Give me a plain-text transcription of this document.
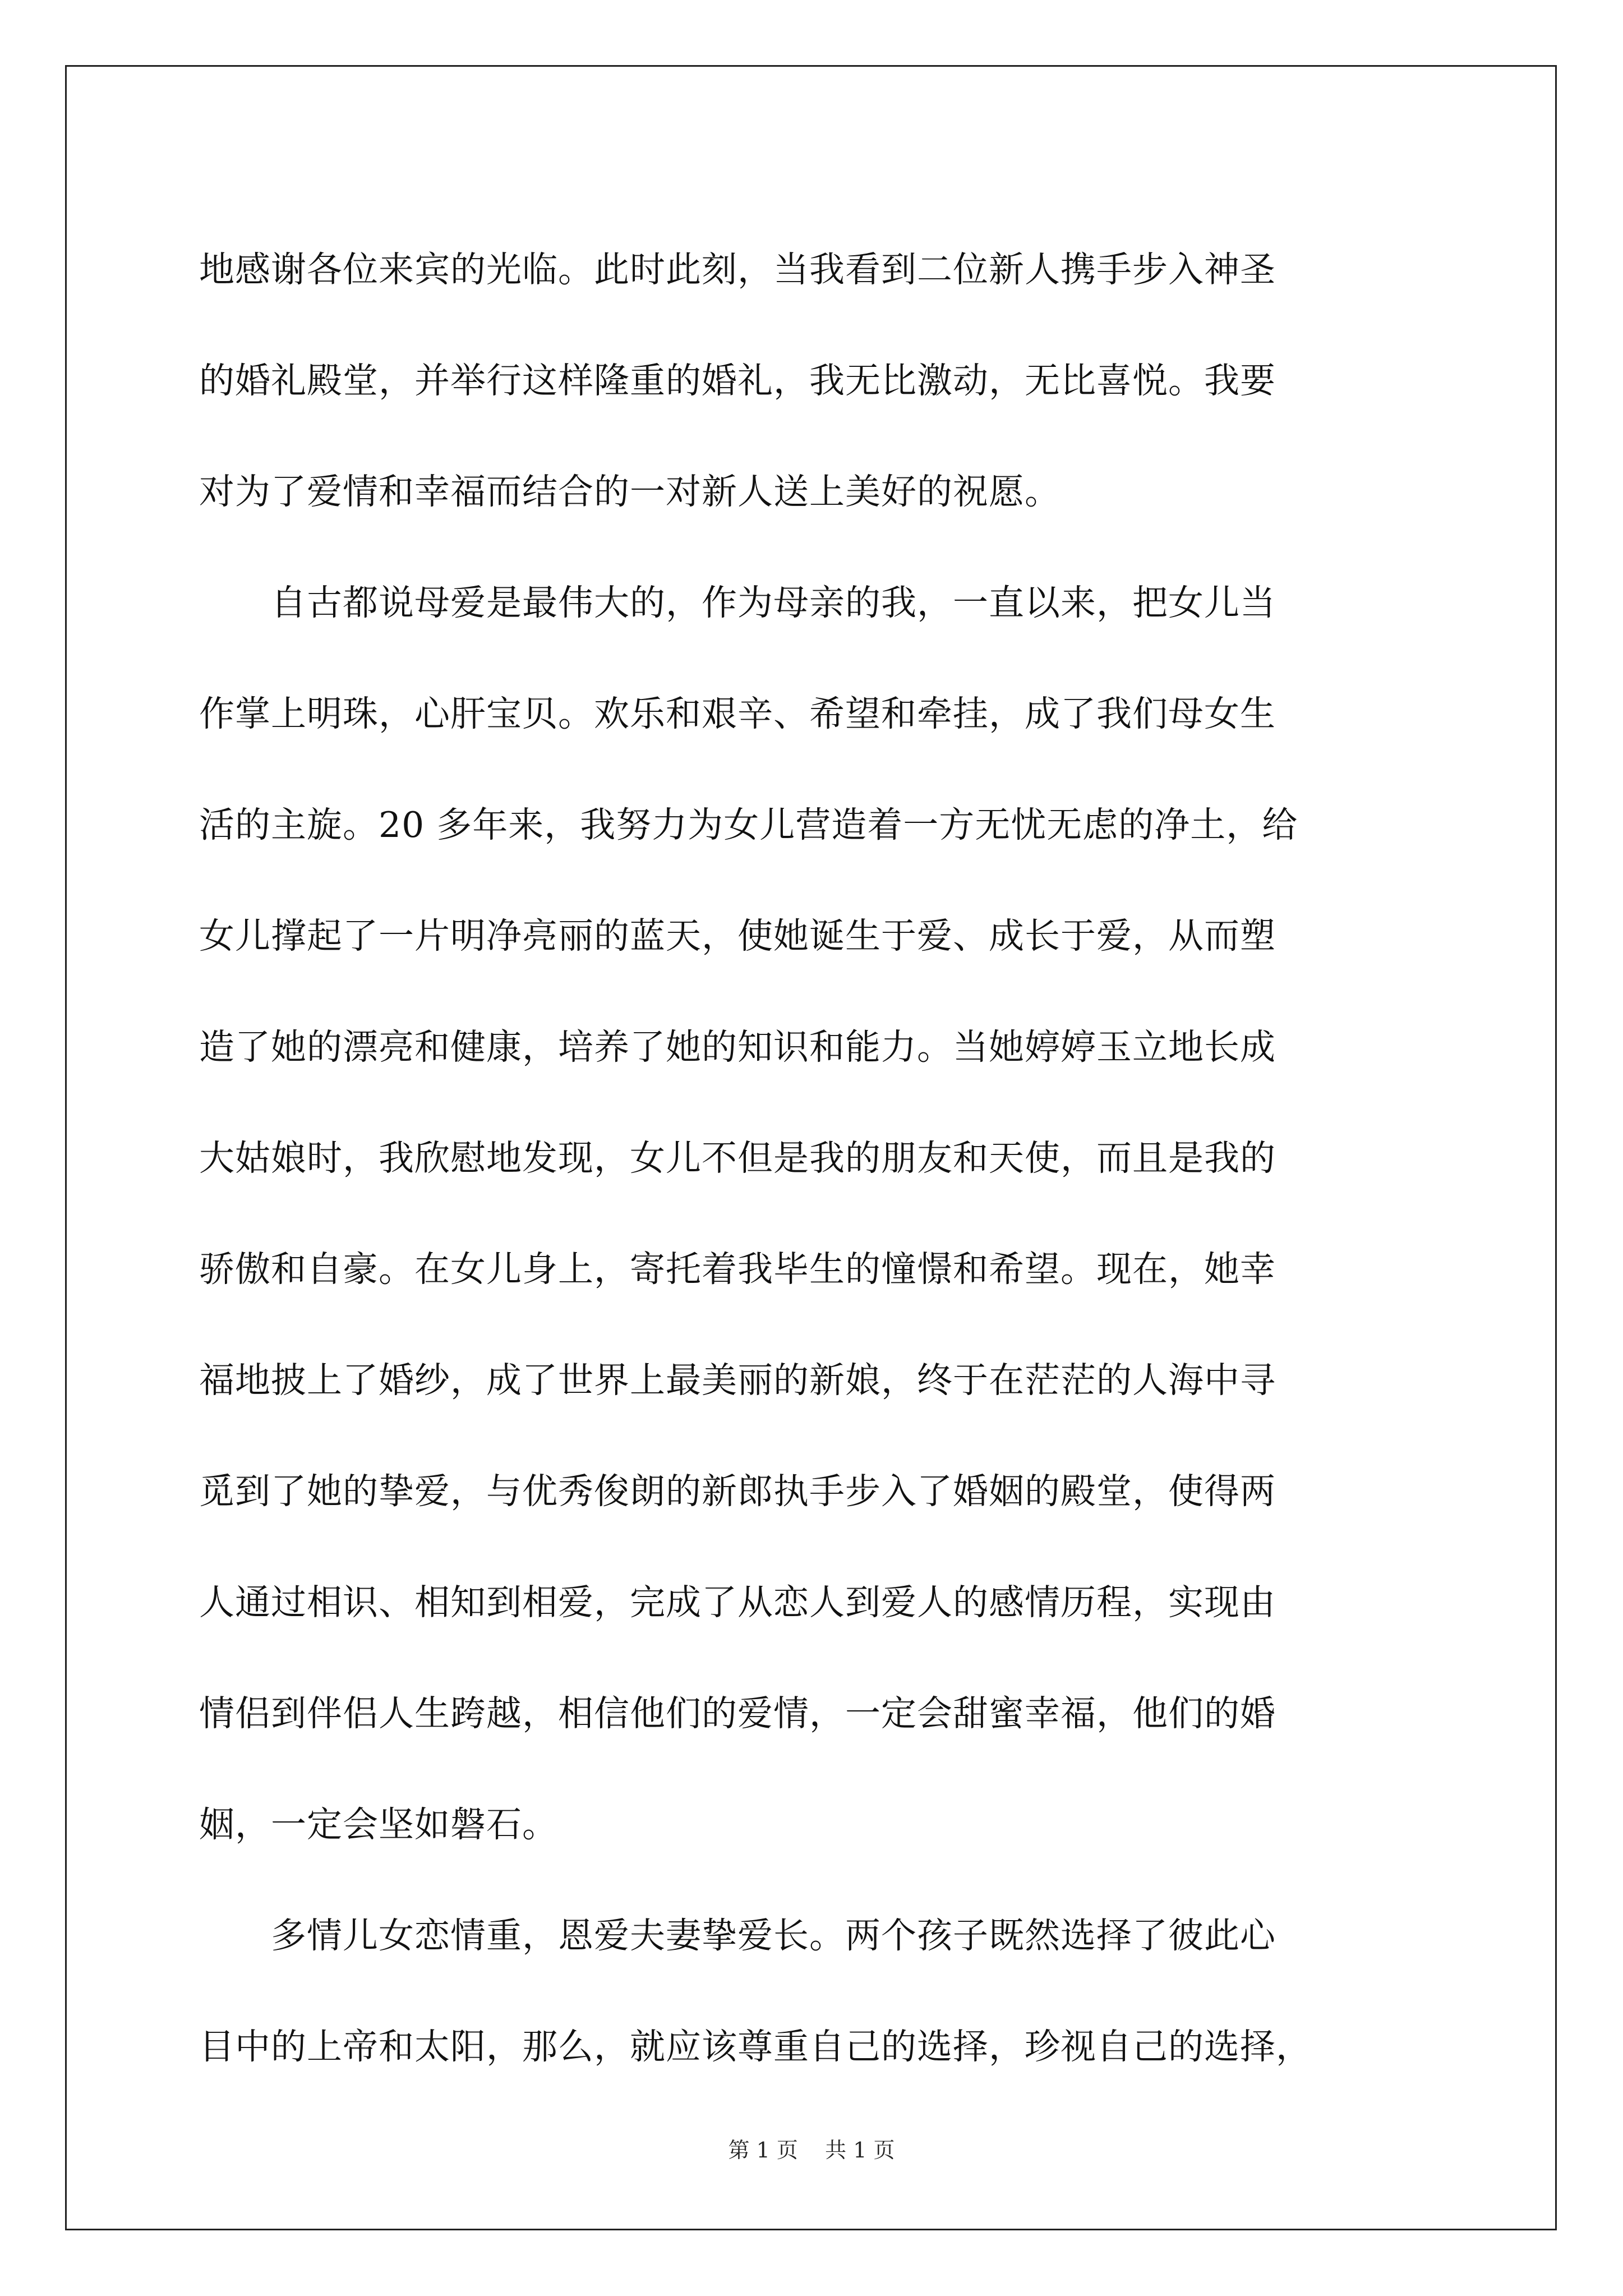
地感谢各位来宾的光临。此时此刻，当我看到二位新人携手步入神圣
的婚礼殿堂，并举行这样隆重的婚礼，我无比激动，无比喜悦。我要
对为了爱情和幸福而结合的一对新人送上美好的祝愿。
自古都说母爱是最伟大的，作为母亲的我，一直以来，把女儿当
作掌上明珠，心肝宝贝。欢乐和艰辛、希望和牵挂，成了我们母女生
活的主旋。20 多年来，我努力为女儿营造着一方无忧无虑的净土，给
女儿撑起了一片明净亮丽的蓝天，使她诞生于爱、成长于爱，从而塑
造了她的漂亮和健康，培养了她的知识和能力。当她婷婷玉立地长成
大姑娘时，我欣慰地发现，女儿不但是我的朋友和天使，而且是我的
骄傲和自豪。在女儿身上，寄托着我毕生的憧憬和希望。现在，她幸
福地披上了婚纱，成了世界上最美丽的新娘，终于在茫茫的人海中寻
觅到了她的挚爱，与优秀俊朗的新郎执手步入了婚姻的殿堂，使得两
人通过相识、相知到相爱，完成了从恋人到爱人的感情历程，实现由
情侣到伴侣人生跨越，相信他们的爱情，一定会甜蜜幸福，他们的婚
姻，一定会坚如磐石。
多情儿女恋情重，恩爱夫妻挚爱长。两个孩子既然选择了彼此心
目中的上帝和太阳，那么，就应该尊重自己的选择，珍视自己的选择，
第 1 页    共 1 页
